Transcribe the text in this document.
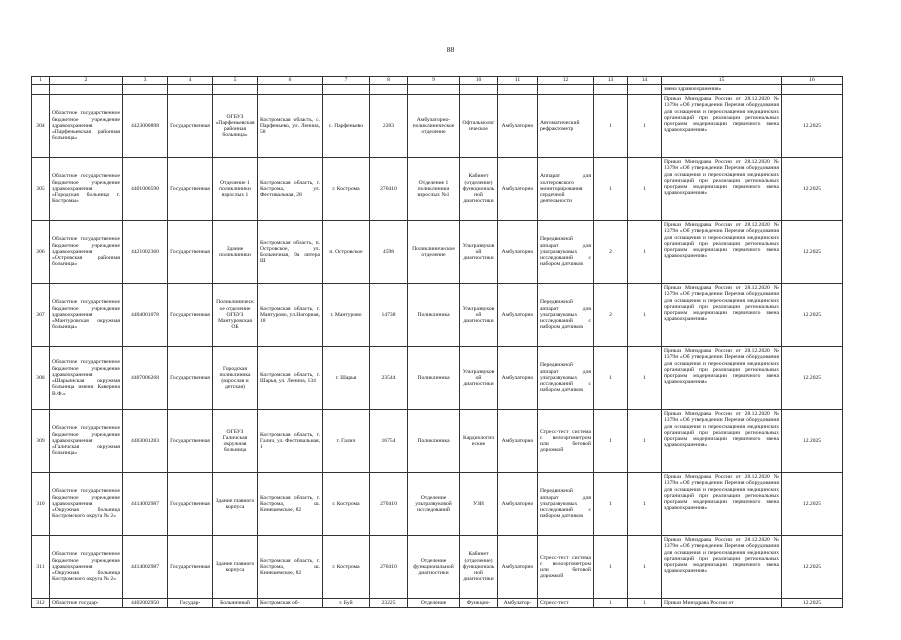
88
1	2	3	4	5	6	7	8	9	10	11	12	13	14	15	16
														звена здравоохранения»	
304	Областное государственное бюджетное учреждение здравоохранения «Парфеньевская районная больница»	4423000898	Государственная	ОГБУЗ «Парфеньевская районная больница»	Костромская область, с. Парфеньево, ул. Ленина, 58	с. Парфеньево	2203	Амбулаторно-поликлиническое отделение	Офтальмологическое	Амбулаторно	Автоматический рефрактометр	1	1	Приказ Минздрава России от 28.12.2020 № 1379н «Об утверждении Перечня оборудования для оснащения и переоснащения медицинских организаций при реализации региональных программ модернизации первичного звена здравоохранения»	12.2025
305	Областное государственное бюджетное учреждение здравоохранения «Городская больница г. Костромы»	4401006590	Государственная	Отделение 1 поликлиники взрослых 1	Костромская область, г. Кострома, ул. Фестивальная, 28	г. Кострома	270410	Отделение 1 поликлиники взрослых №1	Кабинет (отделение) функциональной диагностики	Амбулаторно	Аппарат для холтеровского мониторирования сердечной деятельности	1	1	Приказ Минздрава России от 28.12.2020 № 1379н «Об утверждении Перечня оборудования для оснащения и переоснащения медицинских организаций при реализации региональных программ модернизации первичного звена здравоохранения»	12.2025
306	Областное государственное бюджетное учреждение здравоохранения «Островская районная больница»	4421002360	Государственная	Здание поликлиники	Костромская область, п. Островское, ул. Больничная, 9а литера Ш	п. Островское	4598	Поликлиническое отделение	Ультразвуковой диагностики	Амбулаторно	Передвижной аппарат для ультразвуковых исследований с набором датчиков	2	1	Приказ Минздрава России от 28.12.2020 № 1379н «Об утверждении Перечня оборудования для оснащения и переоснащения медицинских организаций при реализации региональных программ модернизации первичного звена здравоохранения»	12.2025
307	Областное государственное бюджетное учреждение здравоохранения «Мантуровская окружная больница»	4404001078	Государственная	Поликлиническое отделение ОГБУЗ Мантуровская ОБ	Костромская область, г. Мантурово, ул.Нагорная, 18	г. Мантурово	14738	Поликлиника	Ультразвуковой диагностики	Амбулаторно	Передвижной аппарат для ультразвуковых исследований с набором датчиков	2	1	Приказ Минздрава России от 28.12.2020 № 1379н «Об утверждении Перечня оборудования для оснащения и переоснащения медицинских организаций при реализации региональных программ модернизации первичного звена здравоохранения»	12.2025
308	Областное государственное бюджетное учреждение здравоохранения «Шарьинская окружная больница имени Каверина В.Ф.»	4407006268	Государственная	Городская поликлиника (взрослая и детская)	Костромская область, г. Шарья, ул. Ленина, 134	г. Шарья	23544	Поликлиника	Ультразвуковой диагностики	Амбулаторно	Передвижной аппарат для ультразвуковых исследований с набором датчиков	1	1	Приказ Минздрава России от 28.12.2020 № 1379н «Об утверждении Перечня оборудования для оснащения и переоснащения медицинских организаций при реализации региональных программ модернизации первичного звена здравоохранения»	12.2025
309	Областное государственное бюджетное учреждение здравоохранения «Галичская окружная больница»	4403001283	Государственная	ОГБУЗ Галичская окружная больница	Костромская область, г. Галич, ул. Фестивальная, 1	г. Галич	16754	Поликлиника	Кардиологические	Амбулаторно	Стресс-тест система с велоэргометром или беговой дорожкой	1	1	Приказ Минздрава России от 28.12.2020 № 1379н «Об утверждении Перечня оборудования для оснащения и переоснащения медицинских организаций при реализации региональных программ модернизации первичного звена здравоохранения»	12.2025
310	Областное государственное бюджетное учреждение здравоохранения «Окружная больница Костромского округа № 2»	4414002987	Государственная	Здание главного корпуса	Костромская область, г. Кострома, ш. Кинешемское, 82	г. Кострома	270410	Отделение ультразвуковой исследований	УЗИ	Амбулаторно	Передвижной аппарат для ультразвуковых исследований с набором датчиков	1	1	Приказ Минздрава России от 28.12.2020 № 1379н «Об утверждении Перечня оборудования для оснащения и переоснащения медицинских организаций при реализации региональных программ модернизации первичного звена здравоохранения»	12.2025
311	Областное государственное бюджетное учреждение здравоохранения «Окружная больница Костромского округа № 2»	4414002987	Государственная	Здание главного корпуса	Костромская область, г. Кострома, ш. Кинешемское, 82	г. Кострома	270410	Отделение функциональной диагностики	Кабинет (отделение) функциональной диагностики	Амбулаторно	Стресс-тест система с велоэргометром или беговой дорожкой	1	1	Приказ Минздрава России от 28.12.2020 № 1379н «Об утверждении Перечня оборудования для оснащения и переоснащения медицинских организаций при реализации региональных программ модернизации первичного звена здравоохранения»	12.2025
312	Областное государ-	4402002950	Государ-	Больничный	Костромская об-	г. Буй	23225	Отделение	Функцио-	Амбулатор-	Стресс-тест	1	1	Приказ Минздрава России от	12.2025
